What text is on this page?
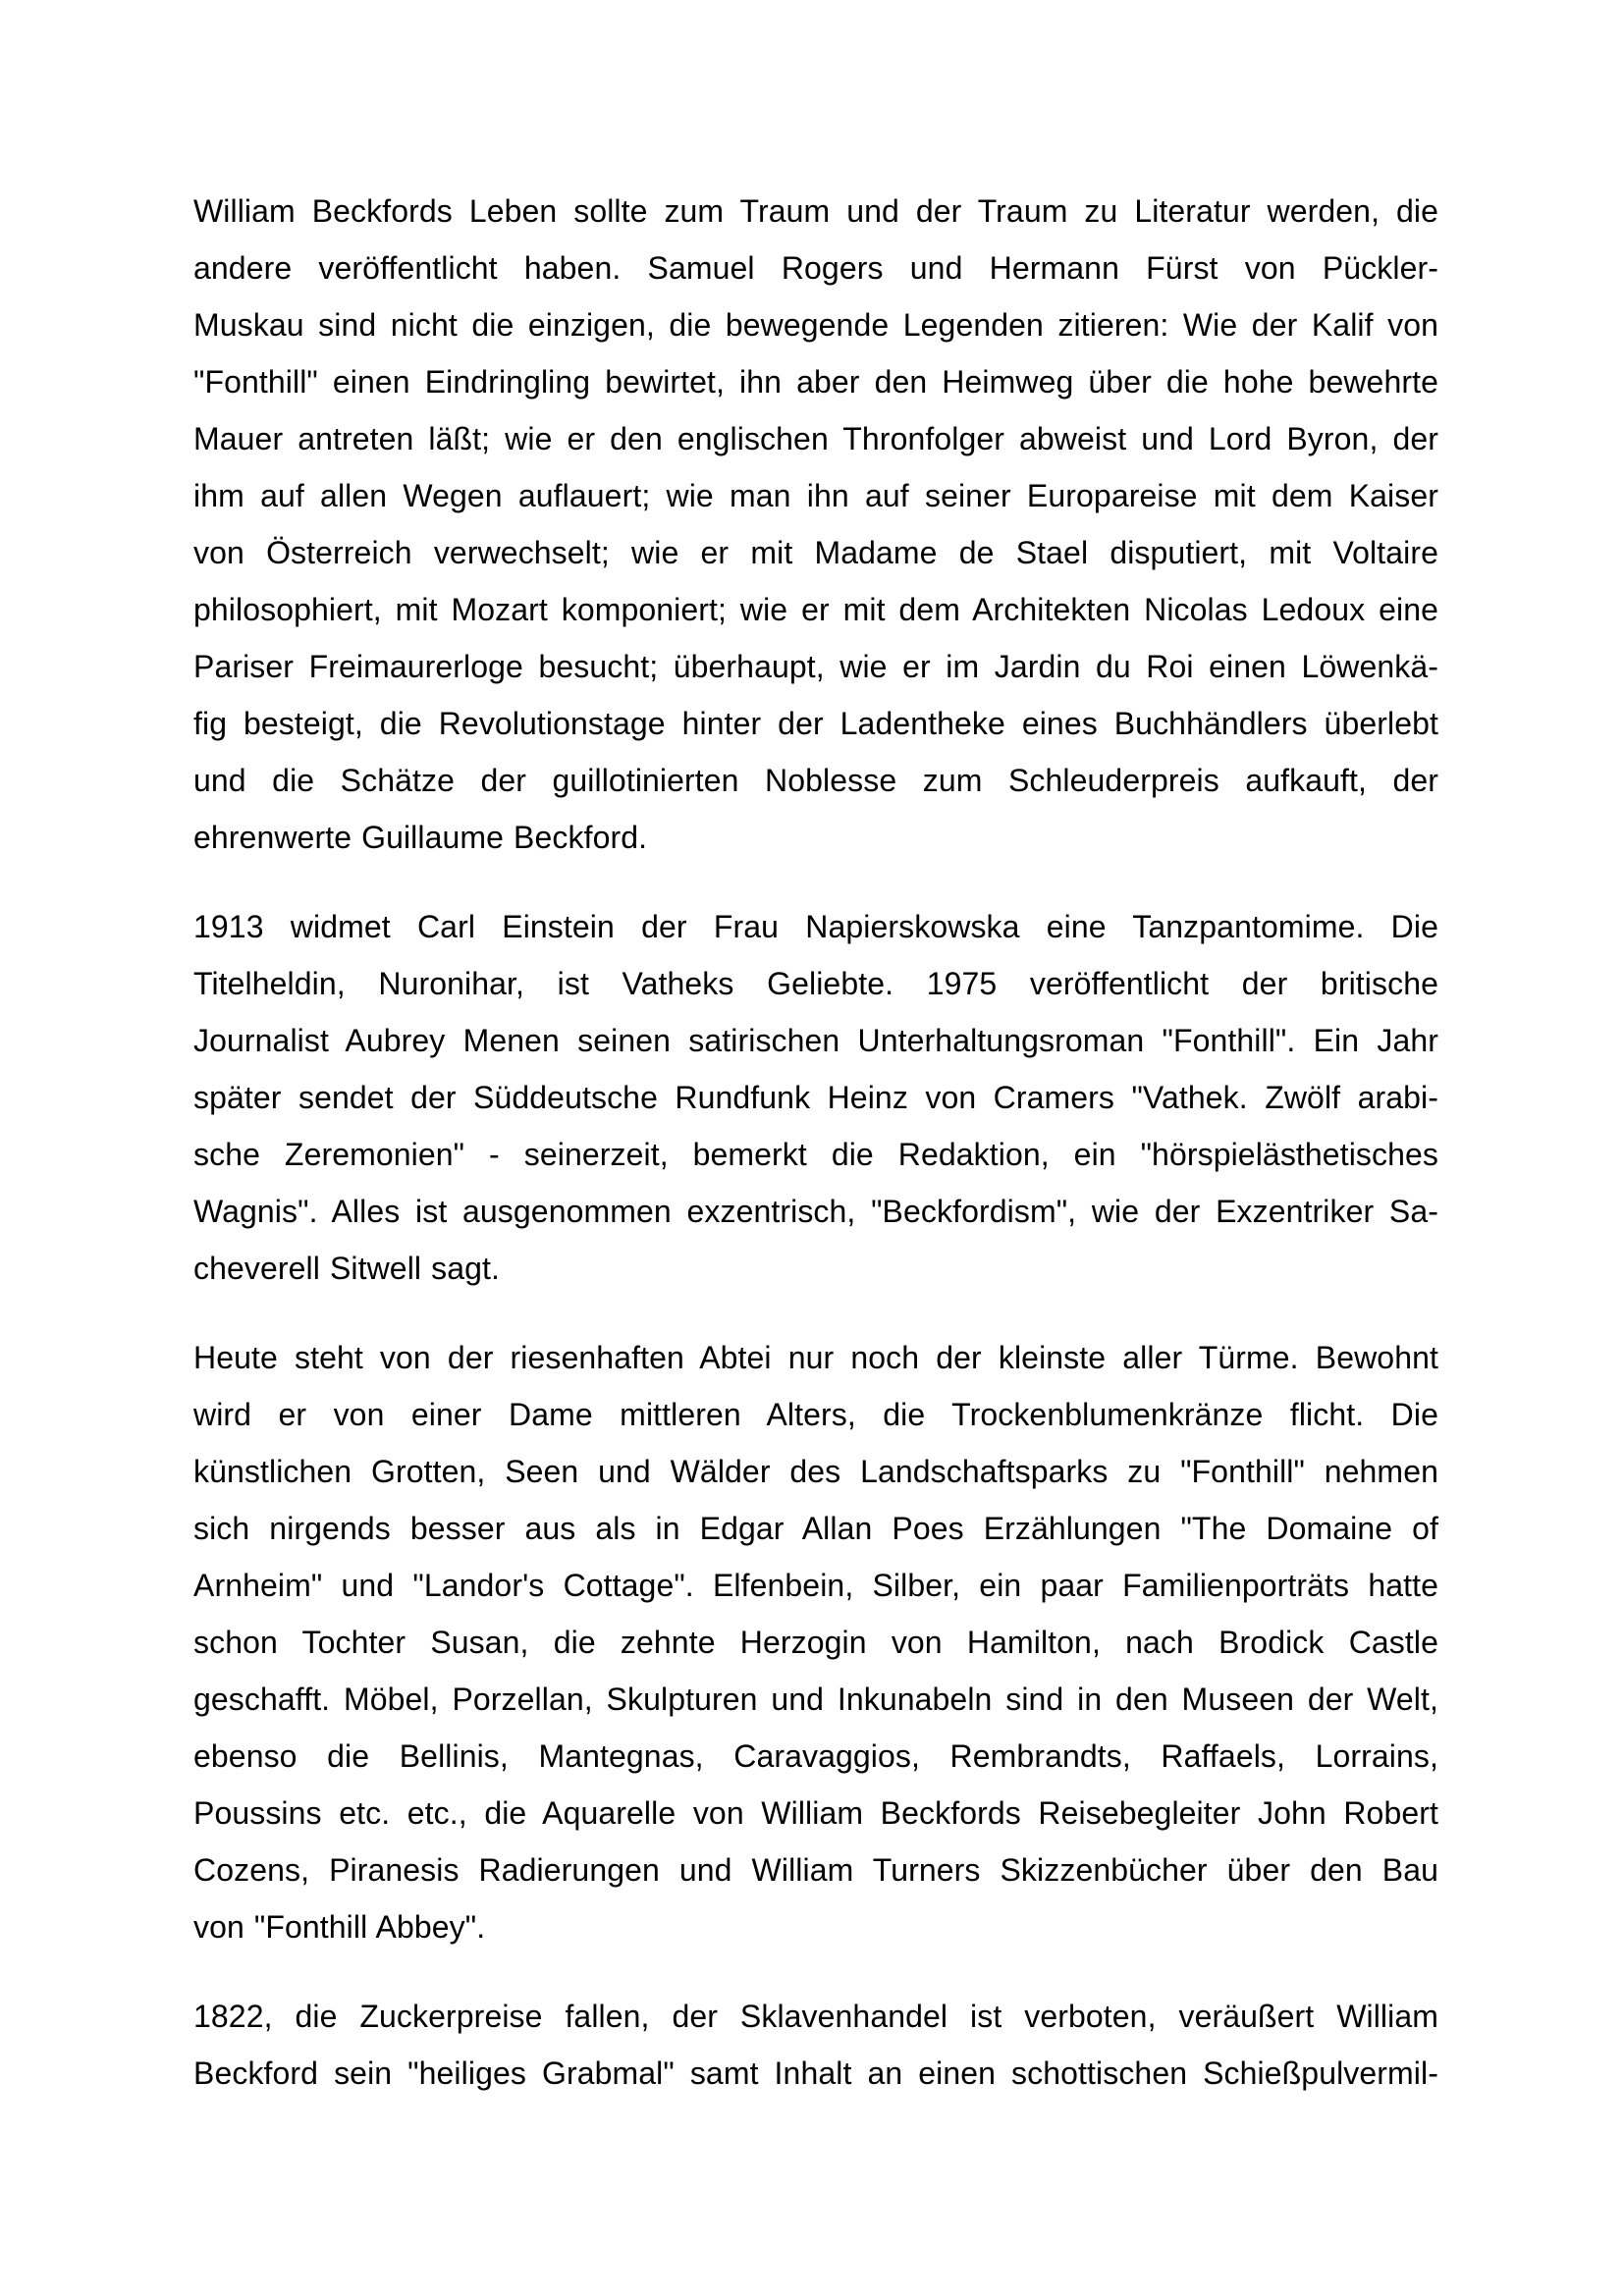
William Beckfords Leben sollte zum Traum und der Traum zu Literatur werden, die
andere veröffentlicht haben. Samuel Rogers und Hermann Fürst von Pückler-
Muskau sind nicht die einzigen, die bewegende Legenden zitieren: Wie der Kalif von
"Fonthill" einen Eindringling bewirtet, ihn aber den Heimweg über die hohe bewehrte
Mauer antreten läßt; wie er den englischen Thronfolger abweist und Lord Byron, der
ihm auf allen Wegen auflauert; wie man ihn auf seiner Europareise mit dem Kaiser
von Österreich verwechselt; wie er mit Madame de Stael disputiert, mit Voltaire
philosophiert, mit Mozart komponiert; wie er mit dem Architekten Nicolas Ledoux eine
Pariser Freimaurerloge besucht; überhaupt, wie er im Jardin du Roi einen Löwenkä-
fig besteigt, die Revolutionstage hinter der Ladentheke eines Buchhändlers überlebt
und die Schätze der guillotinierten Noblesse zum Schleuderpreis aufkauft, der
ehrenwerte Guillaume Beckford.
1913 widmet Carl Einstein der Frau Napierskowska eine Tanzpantomime. Die
Titelheldin, Nuronihar, ist Vatheks Geliebte. 1975 veröffentlicht der britische
Journalist Aubrey Menen seinen satirischen Unterhaltungsroman "Fonthill". Ein Jahr
später sendet der Süddeutsche Rundfunk Heinz von Cramers "Vathek. Zwölf arabi-
sche Zeremonien" - seinerzeit, bemerkt die Redaktion, ein "hörspielästhetisches
Wagnis". Alles ist ausgenommen exzentrisch, "Beckfordism", wie der Exzentriker Sa-
cheverell Sitwell sagt.
Heute steht von der riesenhaften Abtei nur noch der kleinste aller Türme. Bewohnt
wird er von einer Dame mittleren Alters, die Trockenblumenkränze flicht. Die
künstlichen Grotten, Seen und Wälder des Landschaftsparks zu "Fonthill" nehmen
sich nirgends besser aus als in Edgar Allan Poes Erzählungen "The Domaine of
Arnheim" und "Landor's Cottage". Elfenbein, Silber, ein paar Familienporträts hatte
schon Tochter Susan, die zehnte Herzogin von Hamilton, nach Brodick Castle
geschafft. Möbel, Porzellan, Skulpturen und Inkunabeln sind in den Museen der Welt,
ebenso die Bellinis, Mantegnas, Caravaggios, Rembrandts, Raffaels, Lorrains,
Poussins etc. etc., die Aquarelle von William Beckfords Reisebegleiter John Robert
Cozens, Piranesis Radierungen und William Turners Skizzenbücher über den Bau
von "Fonthill Abbey".
1822, die Zuckerpreise fallen, der Sklavenhandel ist verboten, veräußert William
Beckford sein "heiliges Grabmal" samt Inhalt an einen schottischen Schießpulvermil-
